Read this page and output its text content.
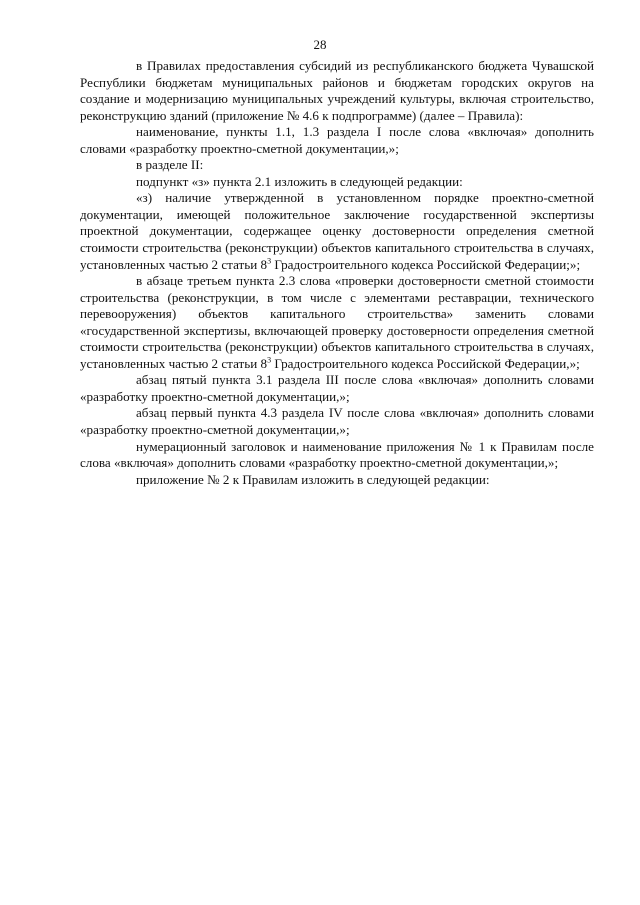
28

в Правилах предоставления субсидий из республиканского бюджета Чувашской Республики бюджетам муниципальных районов и бюджетам городских округов на создание и модернизацию муниципальных учреждений культуры, включая строительство, реконструкцию зданий (приложение № 4.6 к подпрограмме) (далее – Правила):

наименование, пункты 1.1, 1.3 раздела I после слова «включая» дополнить словами «разработку проектно-сметной документации,»;

в разделе II:

подпункт «з» пункта 2.1 изложить в следующей редакции:

«з) наличие утвержденной в установленном порядке проектно-сметной документации, имеющей положительное заключение государственной экспертизы проектной документации, содержащее оценку достоверности определения сметной стоимости строительства (реконструкции) объектов капитального строительства в случаях, установленных частью 2 статьи $8^3$ Градостроительного кодекса Российской Федерации;»;

в абзаце третьем пункта 2.3 слова «проверки достоверности сметной стоимости строительства (реконструкции, в том числе с элементами реставрации, технического перевооружения) объектов капитального строительства» заменить словами «государственной экспертизы, включающей проверку достоверности определения сметной стоимости строительства (реконструкции) объектов капитального строительства в случаях, установленных частью 2 статьи $8^3$ Градостроительного кодекса Российской Федерации,»;

абзац пятый пункта 3.1 раздела III после слова «включая» дополнить словами «разработку проектно-сметной документации,»;

абзац первый пункта 4.3 раздела IV после слова «включая» дополнить словами «разработку проектно-сметной документации,»;

нумерационный заголовок и наименование приложения № 1 к Правилам после слова «включая» дополнить словами «разработку проектно-сметной документации,»;

приложение № 2 к Правилам изложить в следующей редакции:
